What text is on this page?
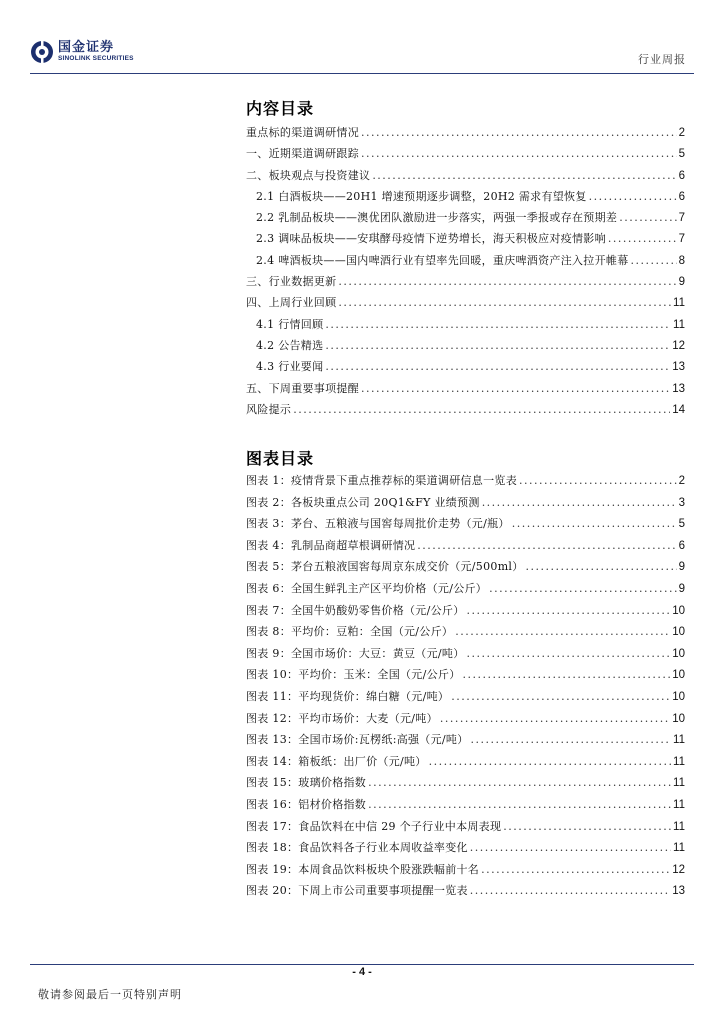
国金证券
SINOLINK SECURITIES	行业周报
内容目录
重点标的渠道调研情况 .....	2
一、近期渠道调研跟踪 .....	5
二、板块观点与投资建议 .....	6
2.1 白酒板块——20H1 增速预期逐步调整，20H2 需求有望恢复 .....	6
2.2 乳制品板块——澳优团队激励进一步落实，两强一季报或存在预期差 .....	7
2.3 调味品板块——安琪酵母疫情下逆势增长，海天积极应对疫情影响 .....	7
2.4 啤酒板块——国内啤酒行业有望率先回暖，重庆啤酒资产注入拉开帷幕 .....	8
三、行业数据更新 .....	9
四、上周行业回顾 .....	11
4.1 行情回顾 .....	11
4.2 公告精选 .....	12
4.3 行业要闻 .....	13
五、下周重要事项提醒 .....	13
风险提示 .....	14
图表目录
图表 1：疫情背景下重点推荐标的渠道调研信息一览表 .....	2
图表 2：各板块重点公司 20Q1&FY 业绩预测 .....	3
图表 3：茅台、五粮液与国窖每周批价走势（元/瓶） .....	5
图表 4：乳制品商超草根调研情况 .....	6
图表 5：茅台五粮液国窖每周京东成交价（元/500ml） .....	9
图表 6：全国生鲜乳主产区平均价格（元/公斤） .....	9
图表 7：全国牛奶酸奶零售价格（元/公斤） .....	10
图表 8：平均价：豆粕：全国（元/公斤） .....	10
图表 9：全国市场价：大豆：黄豆（元/吨） .....	10
图表 10：平均价：玉米：全国（元/公斤） .....	10
图表 11：平均现货价：绵白糖（元/吨） .....	10
图表 12：平均市场价：大麦（元/吨） .....	10
图表 13：全国市场价:瓦楞纸:高强（元/吨） .....	11
图表 14：箱板纸：出厂价（元/吨） .....	11
图表 15：玻璃价格指数 .....	11
图表 16：铝材价格指数 .....	11
图表 17：食品饮料在中信 29 个子行业中本周表现 .....	11
图表 18：食品饮料各子行业本周收益率变化 .....	11
图表 19：本周食品饮料板块个股涨跌幅前十名 .....	12
图表 20：下周上市公司重要事项提醒一览表 .....	13
- 4 -
敬请参阅最后一页特别声明
